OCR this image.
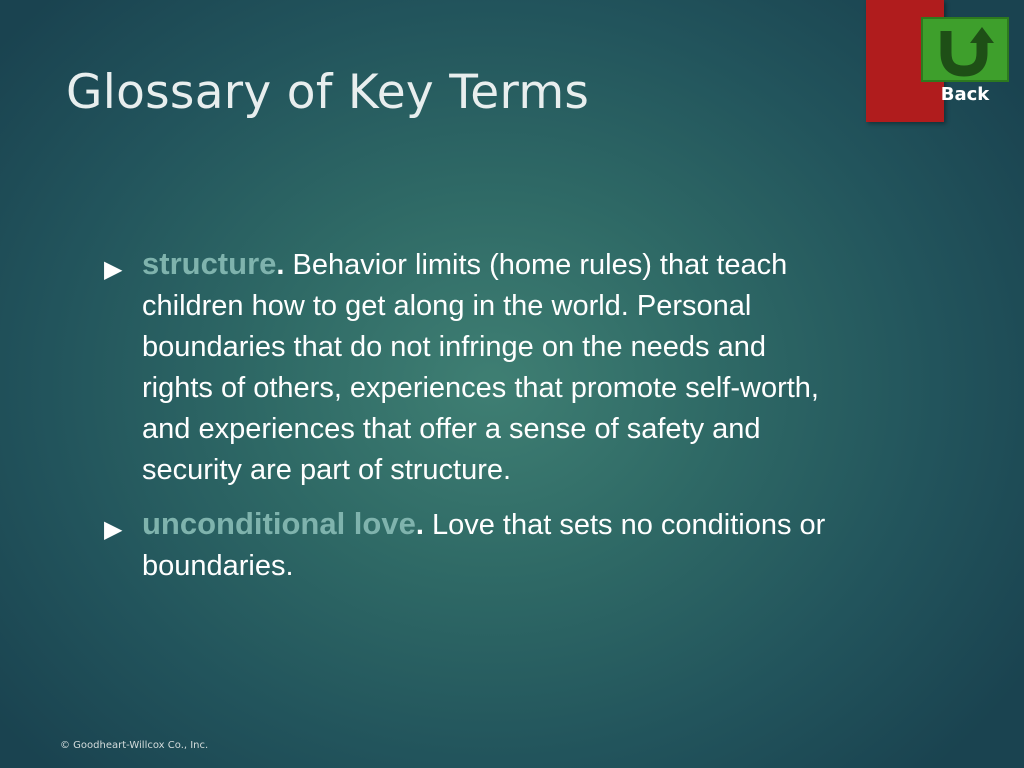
Glossary of Key Terms	Back
▶ structure. Behavior limits (home rules) that teach children how to get along in the world. Personal boundaries that do not infringe on the needs and rights of others, experiences that promote self-worth, and experiences that offer a sense of safety and security are part of structure.
▶ unconditional love. Love that sets no conditions or boundaries.
© Goodheart-Willcox Co., Inc.
